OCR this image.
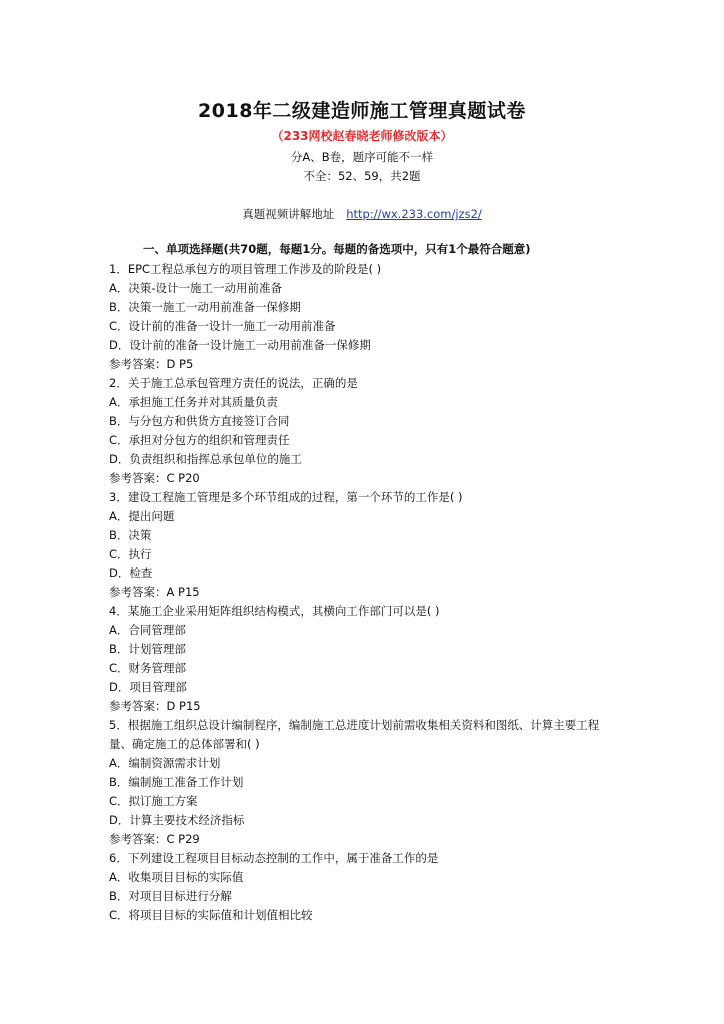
2018年二级建造师施工管理真题试卷
（233网校赵春晓老师修改版本）
分A、B卷，题序可能不一样
不全：52、59，共2题
真题视频讲解地址 http://wx.233.com/jzs2/
一、单项选择题(共70题，每题1分。每题的备选项中，只有1个最符合题意)
1．EPC工程总承包方的项目管理工作涉及的阶段是( )
A．决策-设计一施工一动用前准备
B．决策一施工一动用前准备一保修期
C．设计前的准备一设计一施工一动用前准备
D．设计前的准备一设计施工一动用前准备一保修期
参考答案：D P5
2．关于施工总承包管理方责任的说法，正确的是
A．承担施工任务并对其质量负责
B．与分包方和供货方直接签订合同
C．承担对分包方的组织和管理责任
D．负责组织和指挥总承包单位的施工
参考答案：C P20
3．建设工程施工管理是多个环节组成的过程，第一个环节的工作是( )
A．提出问题
B．决策
C．执行
D．检查
参考答案：A P15
4．某施工企业采用矩阵组织结构模式，其横向工作部门可以是( )
A．合同管理部
B．计划管理部
C．财务管理部
D．项目管理部
参考答案：D P15
5．根据施工组织总设计编制程序，编制施工总进度计划前需收集相关资料和图纸、计算主要工程量、确定施工的总体部署和( )
A．编制资源需求计划
B．编制施工准备工作计划
C．拟订施工方案
D．计算主要技术经济指标
参考答案：C P29
6．下列建设工程项目目标动态控制的工作中，属于准备工作的是
A．收集项目目标的实际值
B．对项目目标进行分解
C．将项目目标的实际值和计划值相比较
